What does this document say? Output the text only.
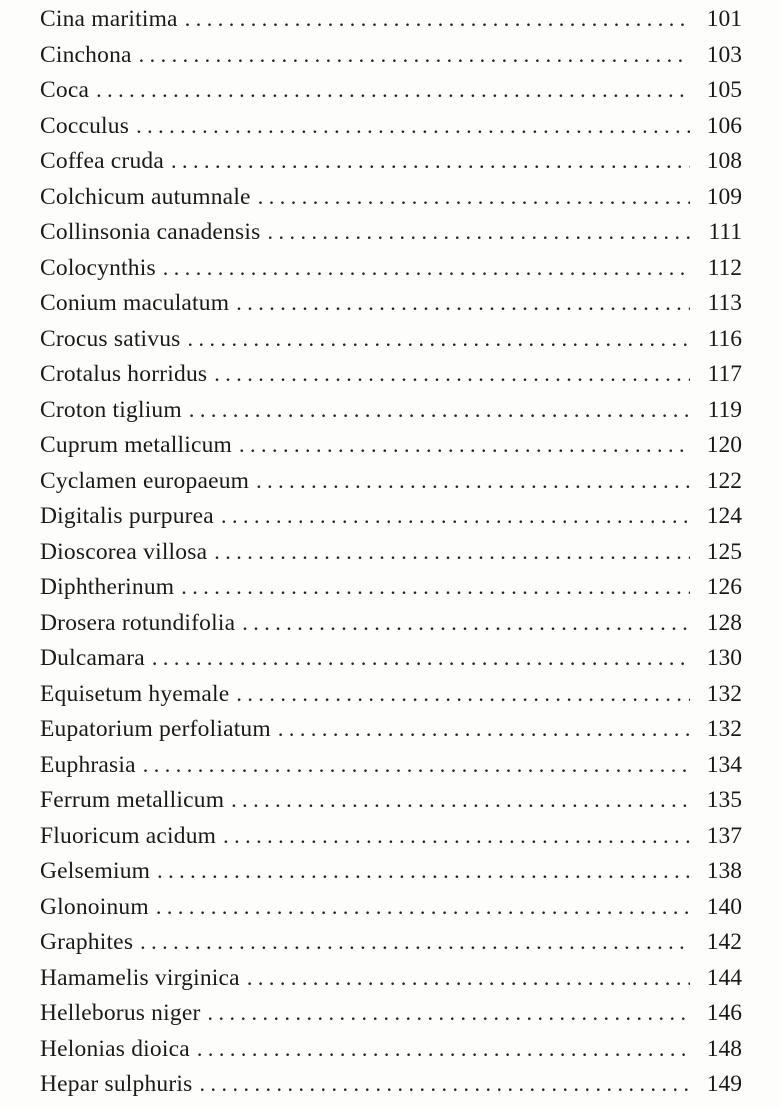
Cina maritima . . .	101
Cinchona . . .	103
Coca . . .	105
Cocculus . . .	106
Coffea cruda . . .	108
Colchicum autumnale . . .	109
Collinsonia canadensis . . .	111
Colocynthis . . .	112
Conium maculatum . . .	113
Crocus sativus . . .	116
Crotalus horridus . . .	117
Croton tiglium . . .	119
Cuprum metallicum . . .	120
Cyclamen europaeum . . .	122
Digitalis purpurea . . .	124
Dioscorea villosa . . .	125
Diphtherinum . . .	126
Drosera rotundifolia . . .	128
Dulcamara . . .	130
Equisetum hyemale . . .	132
Eupatorium perfoliatum . . .	132
Euphrasia . . .	134
Ferrum metallicum . . .	135
Fluoricum acidum . . .	137
Gelsemium . . .	138
Glonoinum . . .	140
Graphites . . .	142
Hamamelis virginica . . .	144
Helleborus niger . . .	146
Helonias dioica . . .	148
Hepar sulphuris . . .	149
